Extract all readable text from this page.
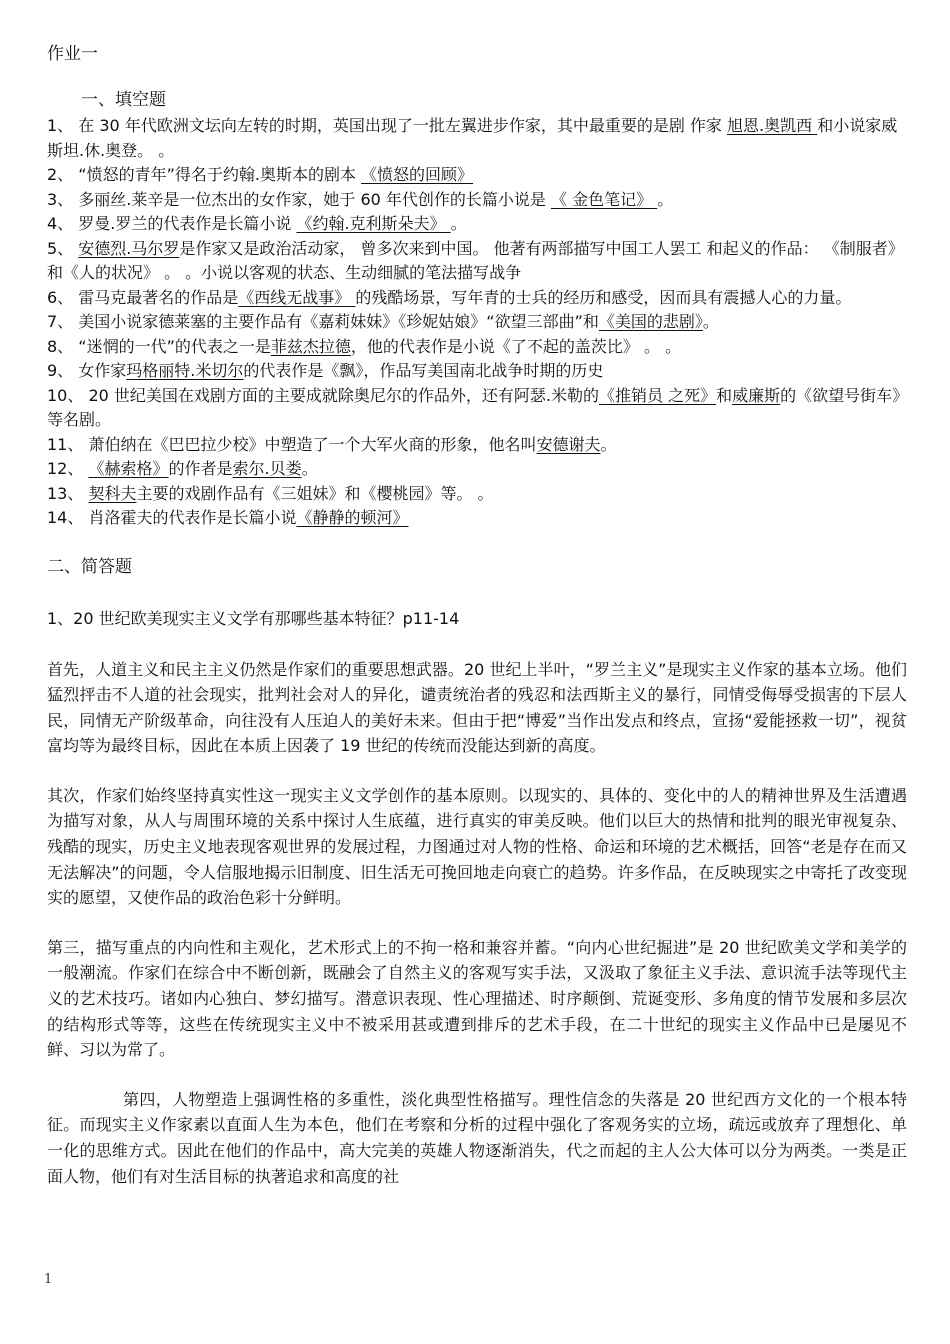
作业一
一、填空题
1、 在 30 年代欧洲文坛向左转的时期，英国出现了一批左翼进步作家，其中最重要的是剧 作家 旭恩.奥凯西 和小说家威斯坦.休.奥登。 。
2、 “愤怒的青年”得名于约翰.奥斯本的剧本 《愤怒的回顾》
3、 多丽丝.莱辛是一位杰出的女作家，她于 60 年代创作的长篇小说是 《 金色笔记》 。
4、 罗曼.罗兰的代表作是长篇小说 《约翰.克利斯朵夫》 。
5、 安德烈.马尔罗是作家又是政治活动家， 曾多次来到中国。 他著有两部描写中国工人罢工 和起义的作品： 《制服者》和《人的状况》 。 。小说以客观的状态、生动细腻的笔法描写战争
6、 雷马克最著名的作品是《西线无战事》 的残酷场景，写年青的士兵的经历和感受，因而具有震撼人心的力量。
7、 美国小说家德莱塞的主要作品有《嘉莉妹妹》《珍妮姑娘》“欲望三部曲”和《美国的悲剧》。
8、 “迷惘的一代”的代表之一是菲兹杰拉德，他的代表作是小说《了不起的盖茨比》 。 。
9、 女作家玛格丽特.米切尔的代表作是《飘》，作品写美国南北战争时期的历史
10、 20 世纪美国在戏剧方面的主要成就除奥尼尔的作品外，还有阿瑟.米勒的《推销员 之死》和威廉斯的《欲望号街车》等名剧。
11、 萧伯纳在《巴巴拉少校》中塑造了一个大军火商的形象，他名叫安德谢夫。
12、 《赫索格》的作者是索尔.贝娄。
13、 契科夫主要的戏剧作品有《三姐妹》和《樱桃园》等。 。
14、 肖洛霍夫的代表作是长篇小说《静静的顿河》
二、简答题
1、20 世纪欧美现实主义文学有那哪些基本特征？p11-14
首先，人道主义和民主主义仍然是作家们的重要思想武器。20 世纪上半叶，“罗兰主义”是现实主义作家的基本立场。他们猛烈抨击不人道的社会现实，批判社会对人的异化，谴责统治者的残忍和法西斯主义的暴行，同情受侮辱受损害的下层人民，同情无产阶级革命，向往没有人压迫人的美好未来。但由于把“博爱”当作出发点和终点，宣扬“爱能拯救一切”，视贫富均等为最终目标，因此在本质上因袭了 19 世纪的传统而没能达到新的高度。
其次，作家们始终坚持真实性这一现实主义文学创作的基本原则。以现实的、具体的、变化中的人的精神世界及生活遭遇为描写对象，从人与周围环境的关系中探讨人生底蕴，进行真实的审美反映。他们以巨大的热情和批判的眼光审视复杂、残酷的现实，历史主义地表现客观世界的发展过程，力图通过对人物的性格、命运和环境的艺术概括，回答“老是存在而又无法解决”的问题，令人信服地揭示旧制度、旧生活无可挽回地走向衰亡的趋势。许多作品，在反映现实之中寄托了改变现实的愿望，又使作品的政治色彩十分鲜明。
第三，描写重点的内向性和主观化，艺术形式上的不拘一格和兼容并蓄。“向内心世纪掘进”是 20 世纪欧美文学和美学的一般潮流。作家们在综合中不断创新，既融会了自然主义的客观写实手法，又汲取了象征主义手法、意识流手法等现代主义的艺术技巧。诸如内心独白、梦幻描写。潜意识表现、性心理描述、时序颠倒、荒诞变形、多角度的情节发展和多层次的结构形式等等，这些在传统现实主义中不被采用甚或遭到排斥的艺术手段，在二十世纪的现实主义作品中已是屡见不鲜、习以为常了。
第四，人物塑造上强调性格的多重性，淡化典型性格描写。理性信念的失落是 20 世纪西方文化的一个根本特征。而现实主义作家素以直面人生为本色，他们在考察和分析的过程中强化了客观务实的立场，疏远或放弃了理想化、单一化的思维方式。因此在他们的作品中，高大完美的英雄人物逐渐消失，代之而起的主人公大体可以分为两类。一类是正面人物，他们有对生活目标的执著追求和高度的社
1
